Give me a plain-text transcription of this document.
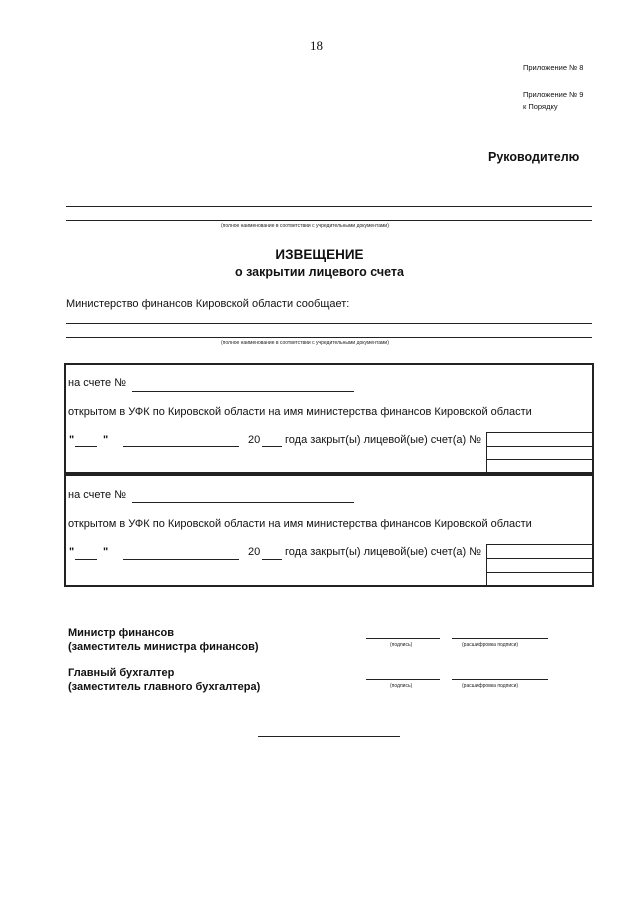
18
Приложение № 8
Приложение № 9
к Порядку
Руководителю
(полное наименование в соответствии с учредительными документами)
ИЗВЕЩЕНИЕ
о закрытии лицевого счета
Министерство финансов Кировской области сообщает:
(полное наименование в соответствии с учредительными документами)
на счете №
открытом в УФК по Кировской области на имя министерства финансов Кировской области
"	"	20 года закрыт(ы) лицевой(ые) счет(а) №
на счете №
открытом в УФК по Кировской области на имя министерства финансов Кировской области
"	"	20 года закрыт(ы) лицевой(ые) счет(а) №
Министр финансов
(заместитель министра финансов)	(подпись)	(расшифровка подписи)
Главный бухгалтер
(заместитель главного бухгалтера)	(подпись)	(расшифровка подписи)
